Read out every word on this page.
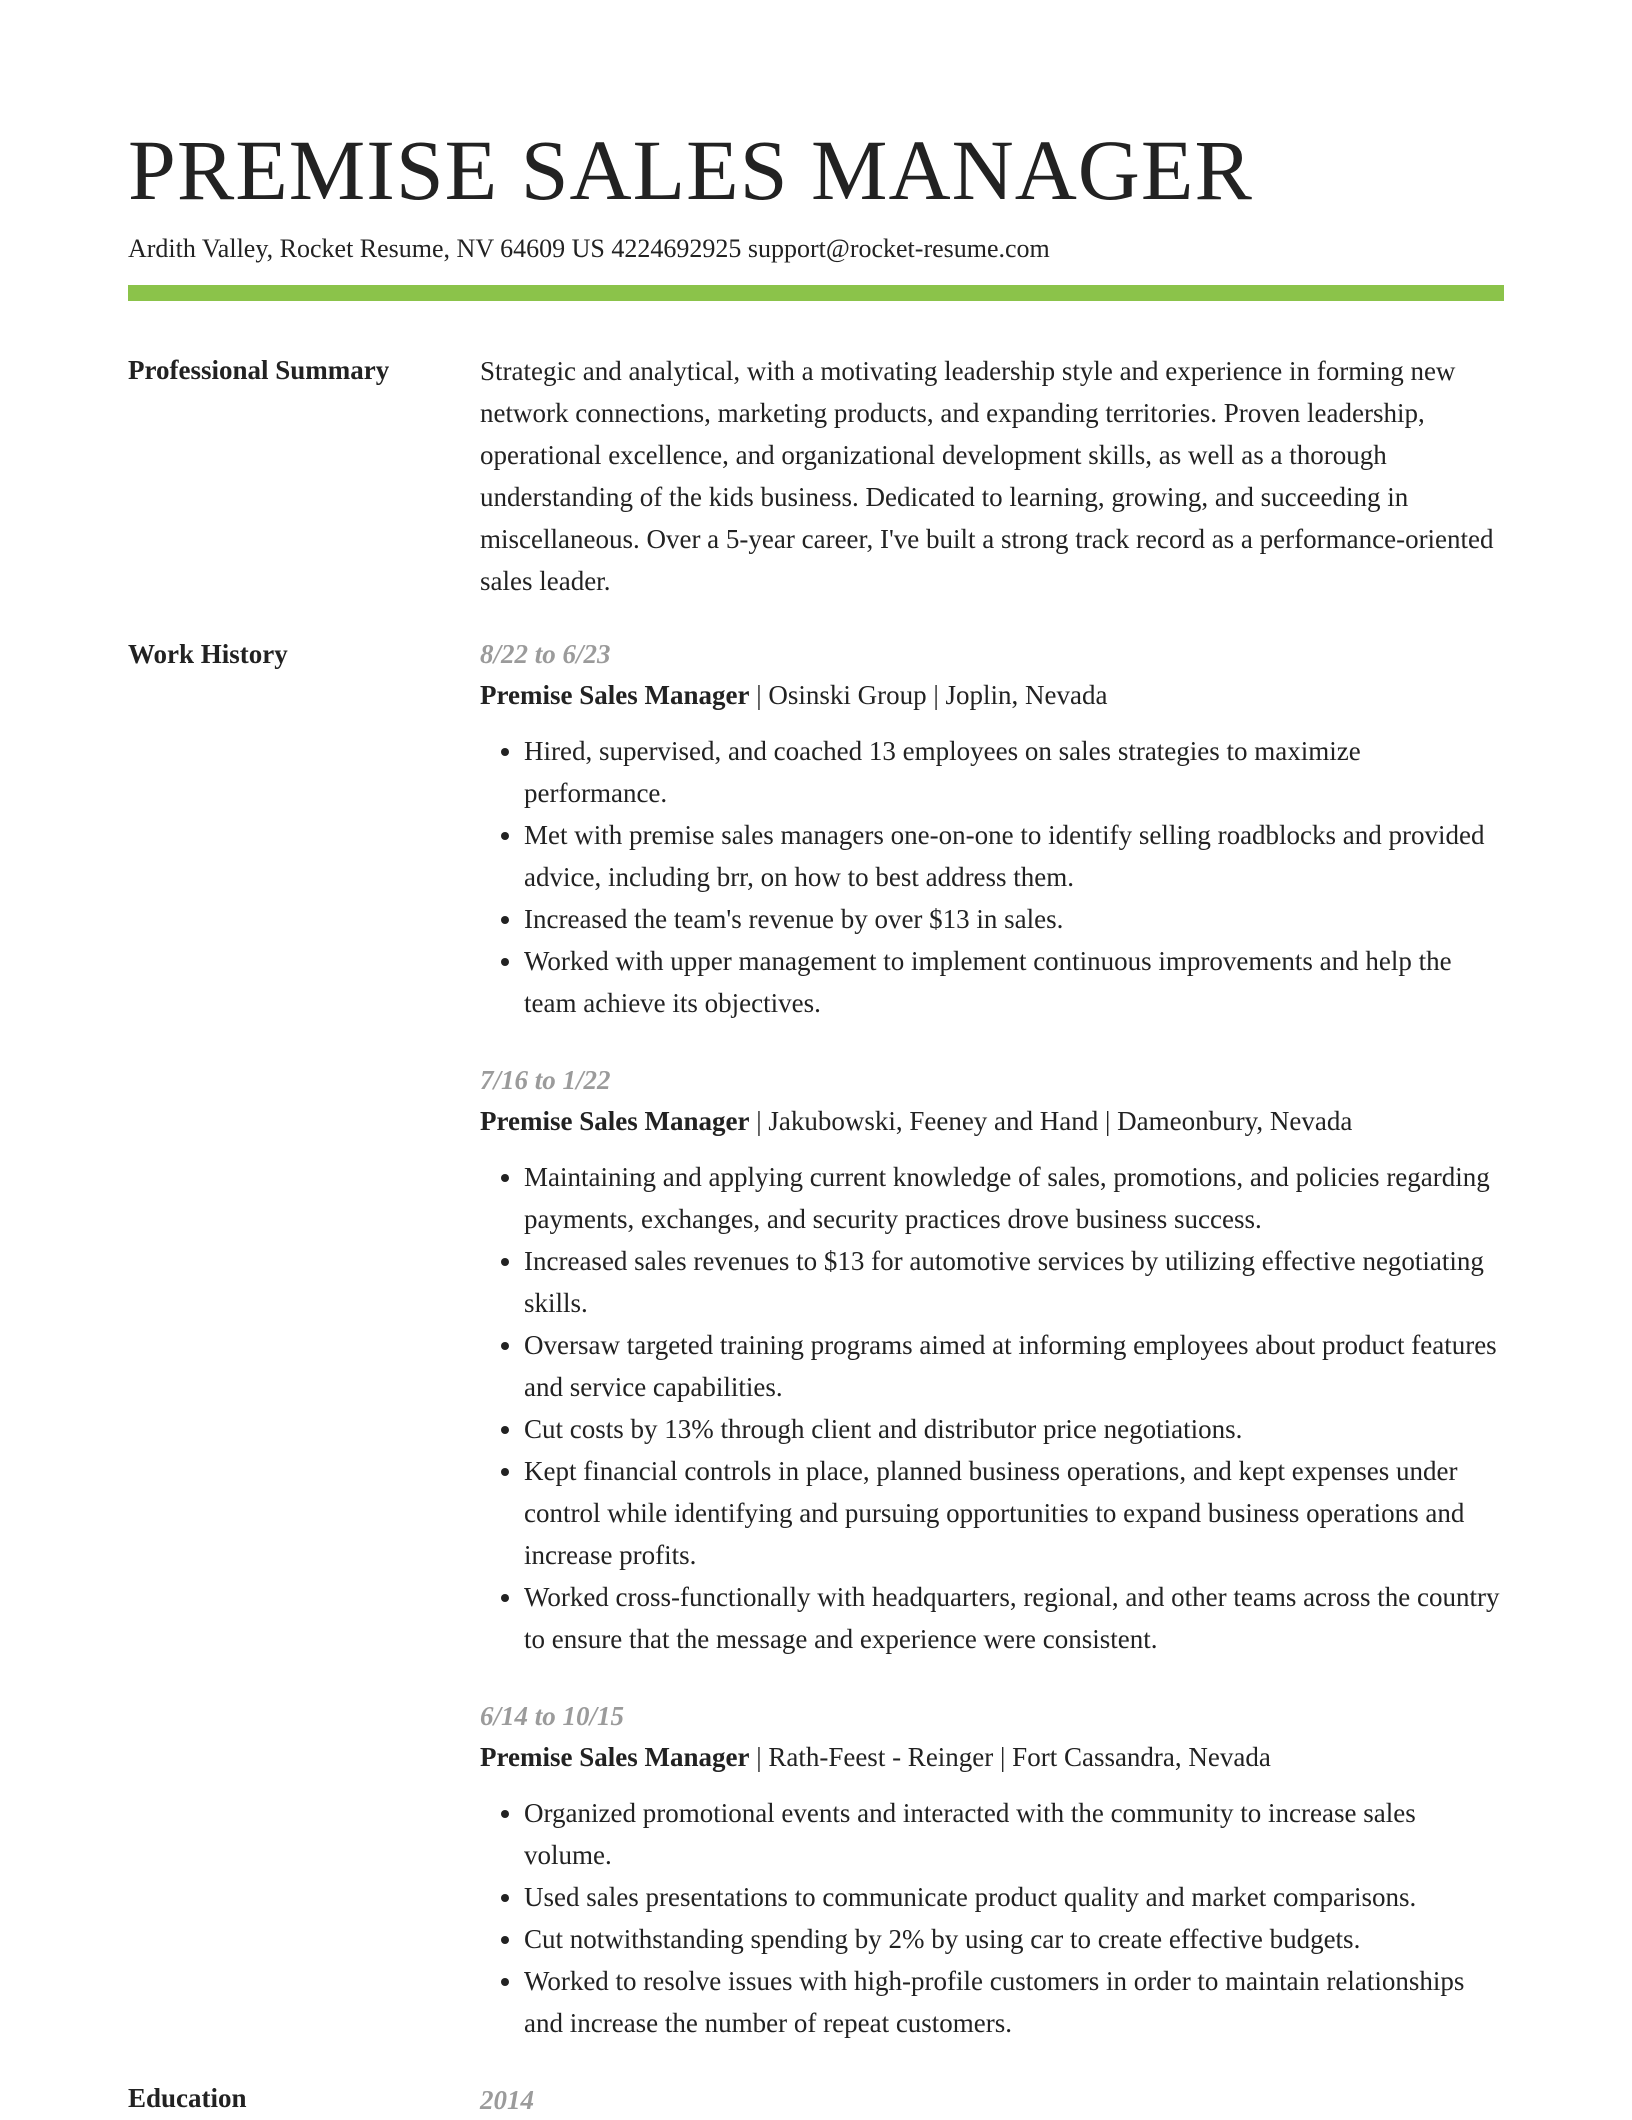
PREMISE SALES MANAGER
Ardith Valley, Rocket Resume, NV 64609 US 4224692925 support@rocket-resume.com
Professional Summary	Strategic and analytical, with a motivating leadership style and experience in forming new network connections, marketing products, and expanding territories. Proven leadership, operational excellence, and organizational development skills, as well as a thorough understanding of the kids business. Dedicated to learning, growing, and succeeding in miscellaneous. Over a 5-year career, I've built a strong track record as a performance-oriented sales leader.

Work History	8/22 to 6/23
Premise Sales Manager | Osinski Group | Joplin, Nevada
• Hired, supervised, and coached 13 employees on sales strategies to maximize performance.
• Met with premise sales managers one-on-one to identify selling roadblocks and provided advice, including brr, on how to best address them.
• Increased the team's revenue by over $13 in sales.
• Worked with upper management to implement continuous improvements and help the team achieve its objectives.
7/16 to 1/22
Premise Sales Manager | Jakubowski, Feeney and Hand | Dameonbury, Nevada
• Maintaining and applying current knowledge of sales, promotions, and policies regarding payments, exchanges, and security practices drove business success.
• Increased sales revenues to $13 for automotive services by utilizing effective negotiating skills.
• Oversaw targeted training programs aimed at informing employees about product features and service capabilities.
• Cut costs by 13% through client and distributor price negotiations.
• Kept financial controls in place, planned business operations, and kept expenses under control while identifying and pursuing opportunities to expand business operations and increase profits.
• Worked cross-functionally with headquarters, regional, and other teams across the country to ensure that the message and experience were consistent.
6/14 to 10/15
Premise Sales Manager | Rath-Feest - Reinger | Fort Cassandra, Nevada
• Organized promotional events and interacted with the community to increase sales volume.
• Used sales presentations to communicate product quality and market comparisons.
• Cut notwithstanding spending by 2% by using car to create effective budgets.
• Worked to resolve issues with high-profile customers in order to maintain relationships and increase the number of repeat customers.
Education	2014
